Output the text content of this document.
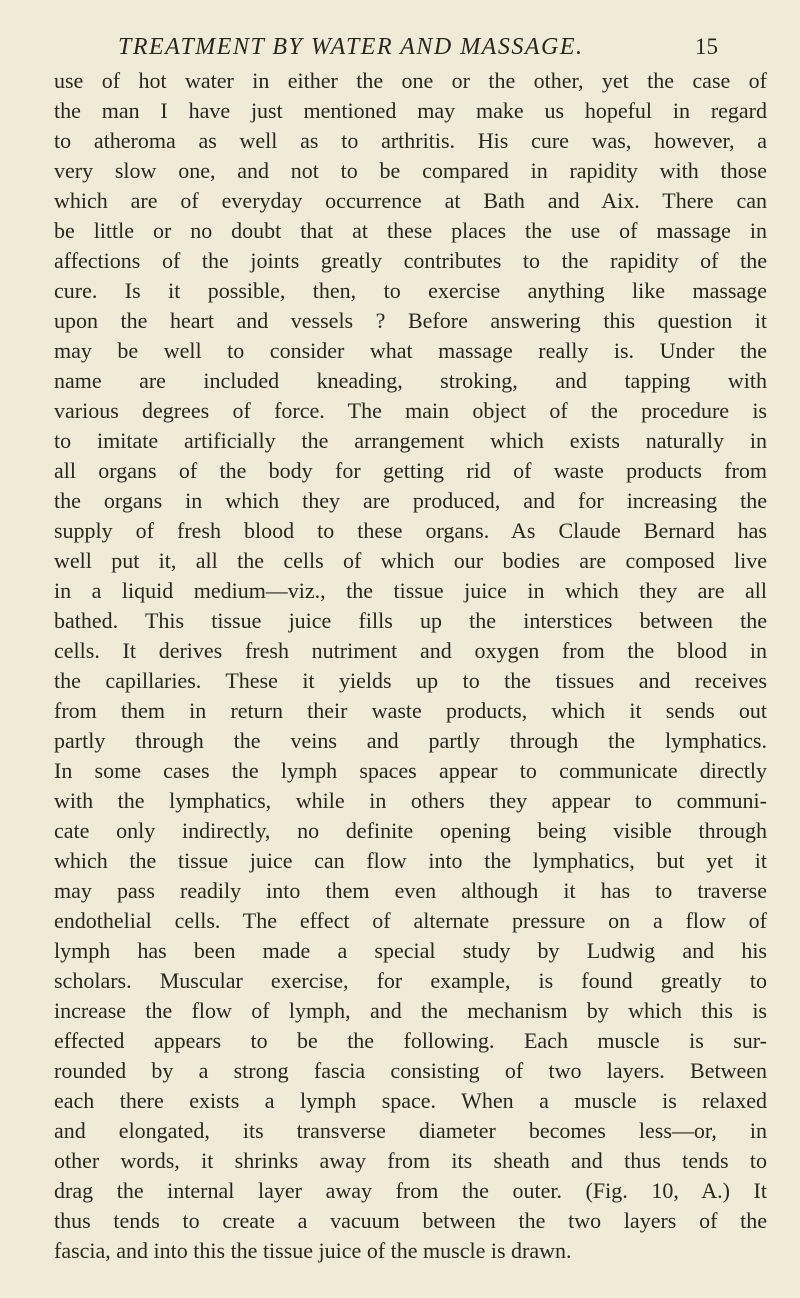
TREATMENT BY WATER AND MASSAGE.	15
use of hot water in either the one or the other, yet the case of
the man I have just mentioned may make us hopeful in regard
to atheroma as well as to arthritis. His cure was, however, a
very slow one, and not to be compared in rapidity with those
which are of everyday occurrence at Bath and Aix. There can
be little or no doubt that at these places the use of massage in
affections of the joints greatly contributes to the rapidity of the
cure. Is it possible, then, to exercise anything like massage
upon the heart and vessels ? Before answering this question it
may be well to consider what massage really is. Under the
name are included kneading, stroking, and tapping with
various degrees of force. The main object of the procedure is
to imitate artificially the arrangement which exists naturally in
all organs of the body for getting rid of waste products from
the organs in which they are produced, and for increasing the
supply of fresh blood to these organs. As Claude Bernard has
well put it, all the cells of which our bodies are composed live
in a liquid medium—viz., the tissue juice in which they are all
bathed. This tissue juice fills up the interstices between the
cells. It derives fresh nutriment and oxygen from the blood in
the capillaries. These it yields up to the tissues and receives
from them in return their waste products, which it sends out
partly through the veins and partly through the lymphatics.
In some cases the lymph spaces appear to communicate directly
with the lymphatics, while in others they appear to communi-
cate only indirectly, no definite opening being visible through
which the tissue juice can flow into the lymphatics, but yet it
may pass readily into them even although it has to traverse
endothelial cells. The effect of alternate pressure on a flow of
lymph has been made a special study by Ludwig and his
scholars. Muscular exercise, for example, is found greatly to
increase the flow of lymph, and the mechanism by which this is
effected appears to be the following. Each muscle is sur-
rounded by a strong fascia consisting of two layers. Between
each there exists a lymph space. When a muscle is relaxed
and elongated, its transverse diameter becomes less—or, in
other words, it shrinks away from its sheath and thus tends to
drag the internal layer away from the outer. (Fig. 10, A.) It
thus tends to create a vacuum between the two layers of the
fascia, and into this the tissue juice of the muscle is drawn.
